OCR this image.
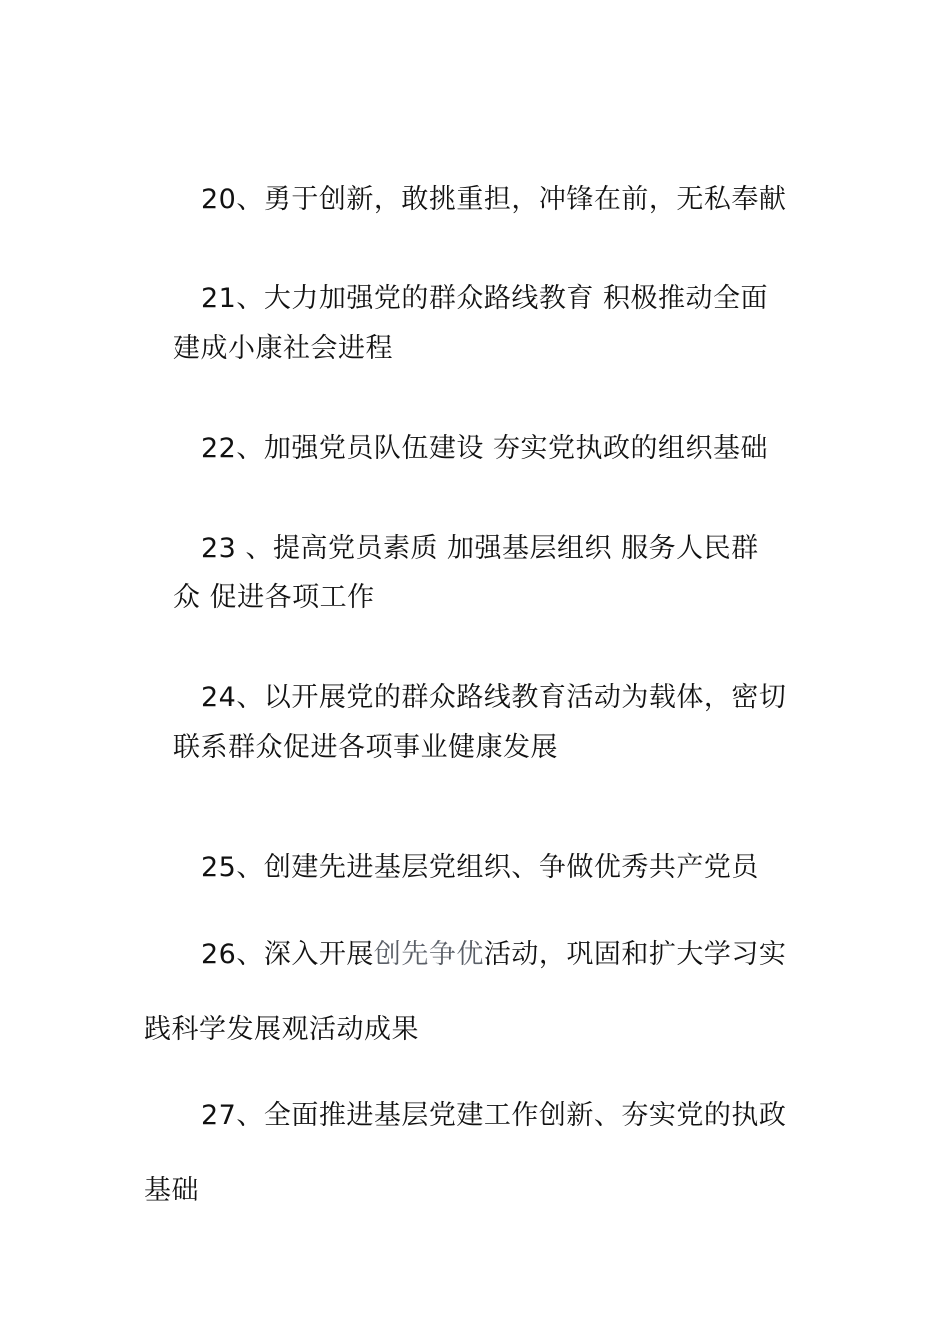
20、勇于创新，敢挑重担，冲锋在前，无私奉献
21、大力加强党的群众路线教育 积极推动全面
建成小康社会进程
22、加强党员队伍建设 夯实党执政的组织基础
23 、提高党员素质 加强基层组织 服务人民群
众 促进各项工作
24、以开展党的群众路线教育活动为载体，密切
联系群众促进各项事业健康发展
25、创建先进基层党组织、争做优秀共产党员
26、深入开展创先争优活动，巩固和扩大学习实
践科学发展观活动成果
27、全面推进基层党建工作创新、夯实党的执政
基础
